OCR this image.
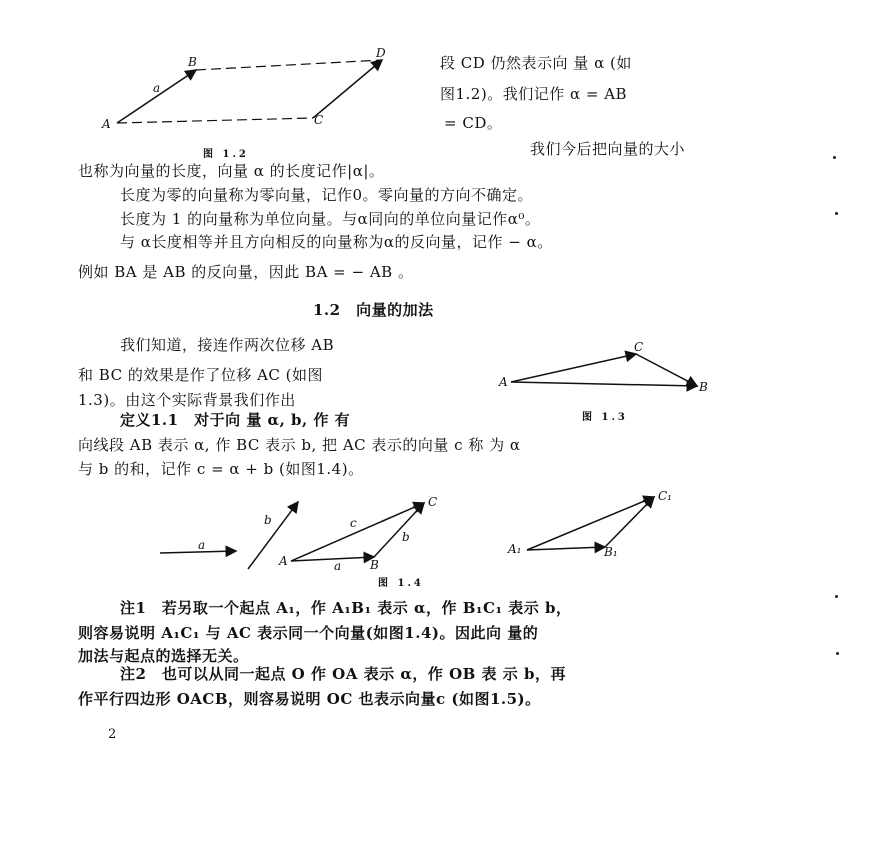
a
B
D
A	C
图 1.2
段 CD 仍然表示向 量 α (如
图1.2)。我们记作 α = AB
= CD。
我们今后把向量的大小
也称为向量的长度，向量 α 的长度记作|α|。
长度为零的向量称为零向量，记作0。零向量的方向不确定。
长度为 1 的向量称为单位向量。与α同向的单位向量记作α⁰。
与 α长度相等并且方向相反的向量称为α的反向量，记作 − α。
例如 BA 是 AB 的反向量，因此 BA = − AB 。
1.2　向量的加法
我们知道，接连作两次位移 AB
和 BC 的效果是作了位移 AC (如图
1.3)。由这个实际背景我们作出
定义1.1　对于向 量 α, b, 作 有
向线段 AB 表示 α, 作 BC 表示 b, 把 AC 表示的向量 c 称 为 α
与 b 的和，记作 c = α + b (如图1.4)。
A
C
B
图 1.3
a
b
A	B
C
a
b
c
A₁	B₁
C₁
图 1.4
注1　若另取一个起点 A₁，作 A₁B₁ 表示 α，作 B₁C₁ 表示 b，
则容易说明 A₁C₁ 与 AC 表示同一个向量(如图1.4)。因此向 量的
加法与起点的选择无关。
注2　也可以从同一起点 O 作 OA 表示 α，作 OB 表 示 b，再
作平行四边形 OACB，则容易说明 OC 也表示向量c (如图1.5)。
2
